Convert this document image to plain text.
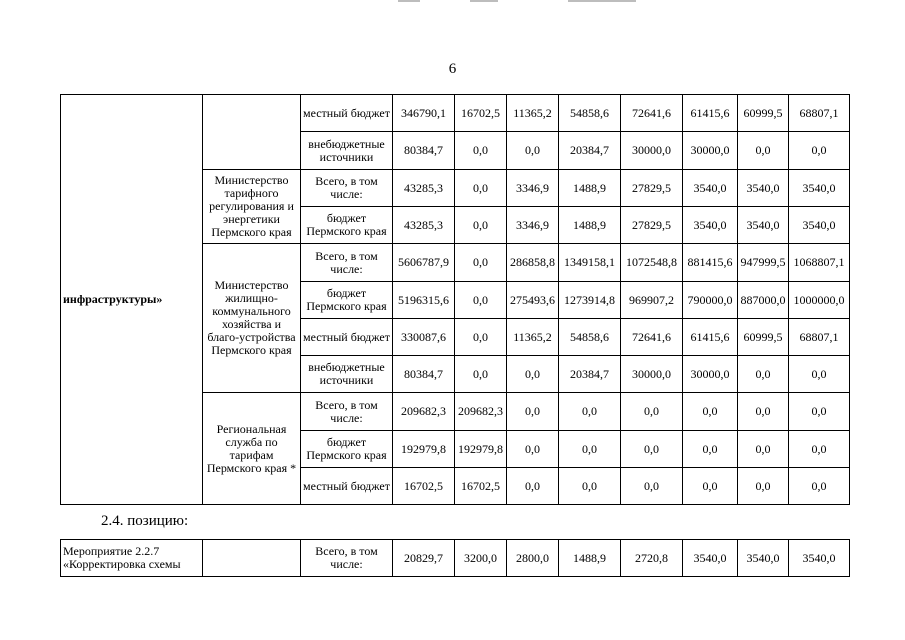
6
инфраструктуры»		местный бюджет	346790,1	16702,5	11365,2	54858,6	72641,6	61415,6	60999,5	68807,1
		внебюджетные источники	80384,7	0,0	0,0	20384,7	30000,0	30000,0	0,0	0,0
	Министерство тарифного регулирования и энергетики Пермского края	Всего, в том числе:	43285,3	0,0	3346,9	1488,9	27829,5	3540,0	3540,0	3540,0
		бюджет Пермского края	43285,3	0,0	3346,9	1488,9	27829,5	3540,0	3540,0	3540,0
	Министерство жилищно-коммунального хозяйства и благо-устройства Пермского края	Всего, в том числе:	5606787,9	0,0	286858,8	1349158,1	1072548,8	881415,6	947999,5	1068807,1
		бюджет Пермского края	5196315,6	0,0	275493,6	1273914,8	969907,2	790000,0	887000,0	1000000,0
		местный бюджет	330087,6	0,0	11365,2	54858,6	72641,6	61415,6	60999,5	68807,1
		внебюджетные источники	80384,7	0,0	0,0	20384,7	30000,0	30000,0	0,0	0,0
	Региональная служба по тарифам Пермского края *	Всего, в том числе:	209682,3	209682,3	0,0	0,0	0,0	0,0	0,0	0,0
		бюджет Пермского края	192979,8	192979,8	0,0	0,0	0,0	0,0	0,0	0,0
		местный бюджет	16702,5	16702,5	0,0	0,0	0,0	0,0	0,0	0,0
2.4. позицию:
Мероприятие 2.2.7 «Корректировка схемы		Всего, в том числе:	20829,7	3200,0	2800,0	1488,9	2720,8	3540,0	3540,0	3540,0
